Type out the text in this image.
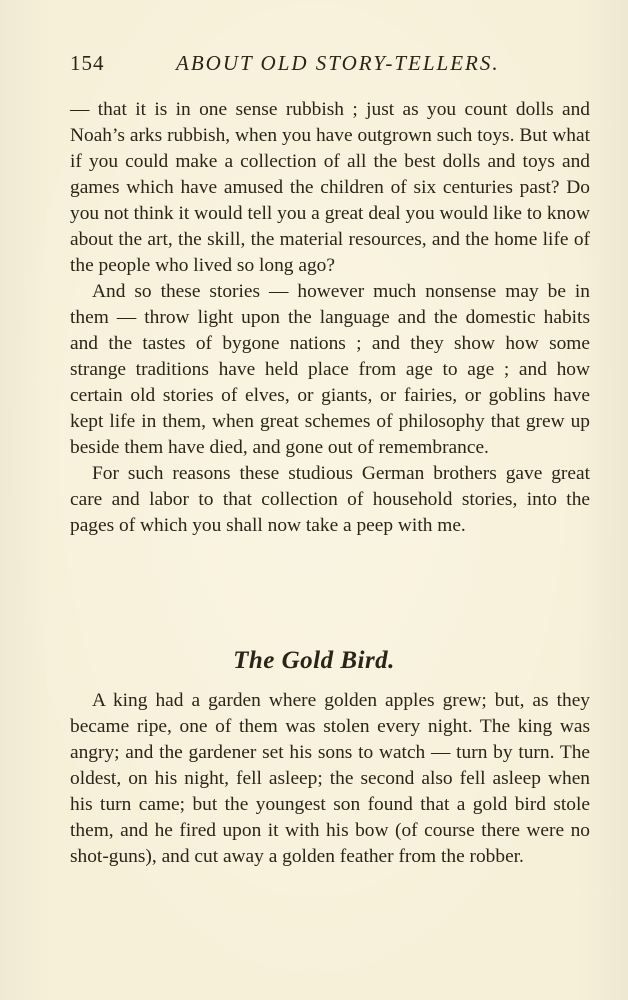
154	ABOUT OLD STORY-TELLERS.

— that it is in one sense rubbish ; just as you count dolls and Noah’s arks rubbish, when you have outgrown such toys. But what if you could make a collection of all the best dolls and toys and games which have amused the children of six centuries past? Do you not think it would tell you a great deal you would like to know about the art, the skill, the material resources, and the home life of the people who lived so long ago?

And so these stories — however much nonsense may be in them — throw light upon the language and the domestic habits and the tastes of bygone nations ; and they show how some strange traditions have held place from age to age ; and how certain old stories of elves, or giants, or fairies, or goblins have kept life in them, when great schemes of philosophy that grew up beside them have died, and gone out of remembrance.

For such reasons these studious German brothers gave great care and labor to that collection of household stories, into the pages of which you shall now take a peep with me.

The Gold Bird.

A king had a garden where golden apples grew; but, as they became ripe, one of them was stolen every night. The king was angry; and the gardener set his sons to watch — turn by turn. The oldest, on his night, fell asleep; the second also fell asleep when his turn came; but the youngest son found that a gold bird stole them, and he fired upon it with his bow (of course there were no shot-guns), and cut away a golden feather from the robber.
